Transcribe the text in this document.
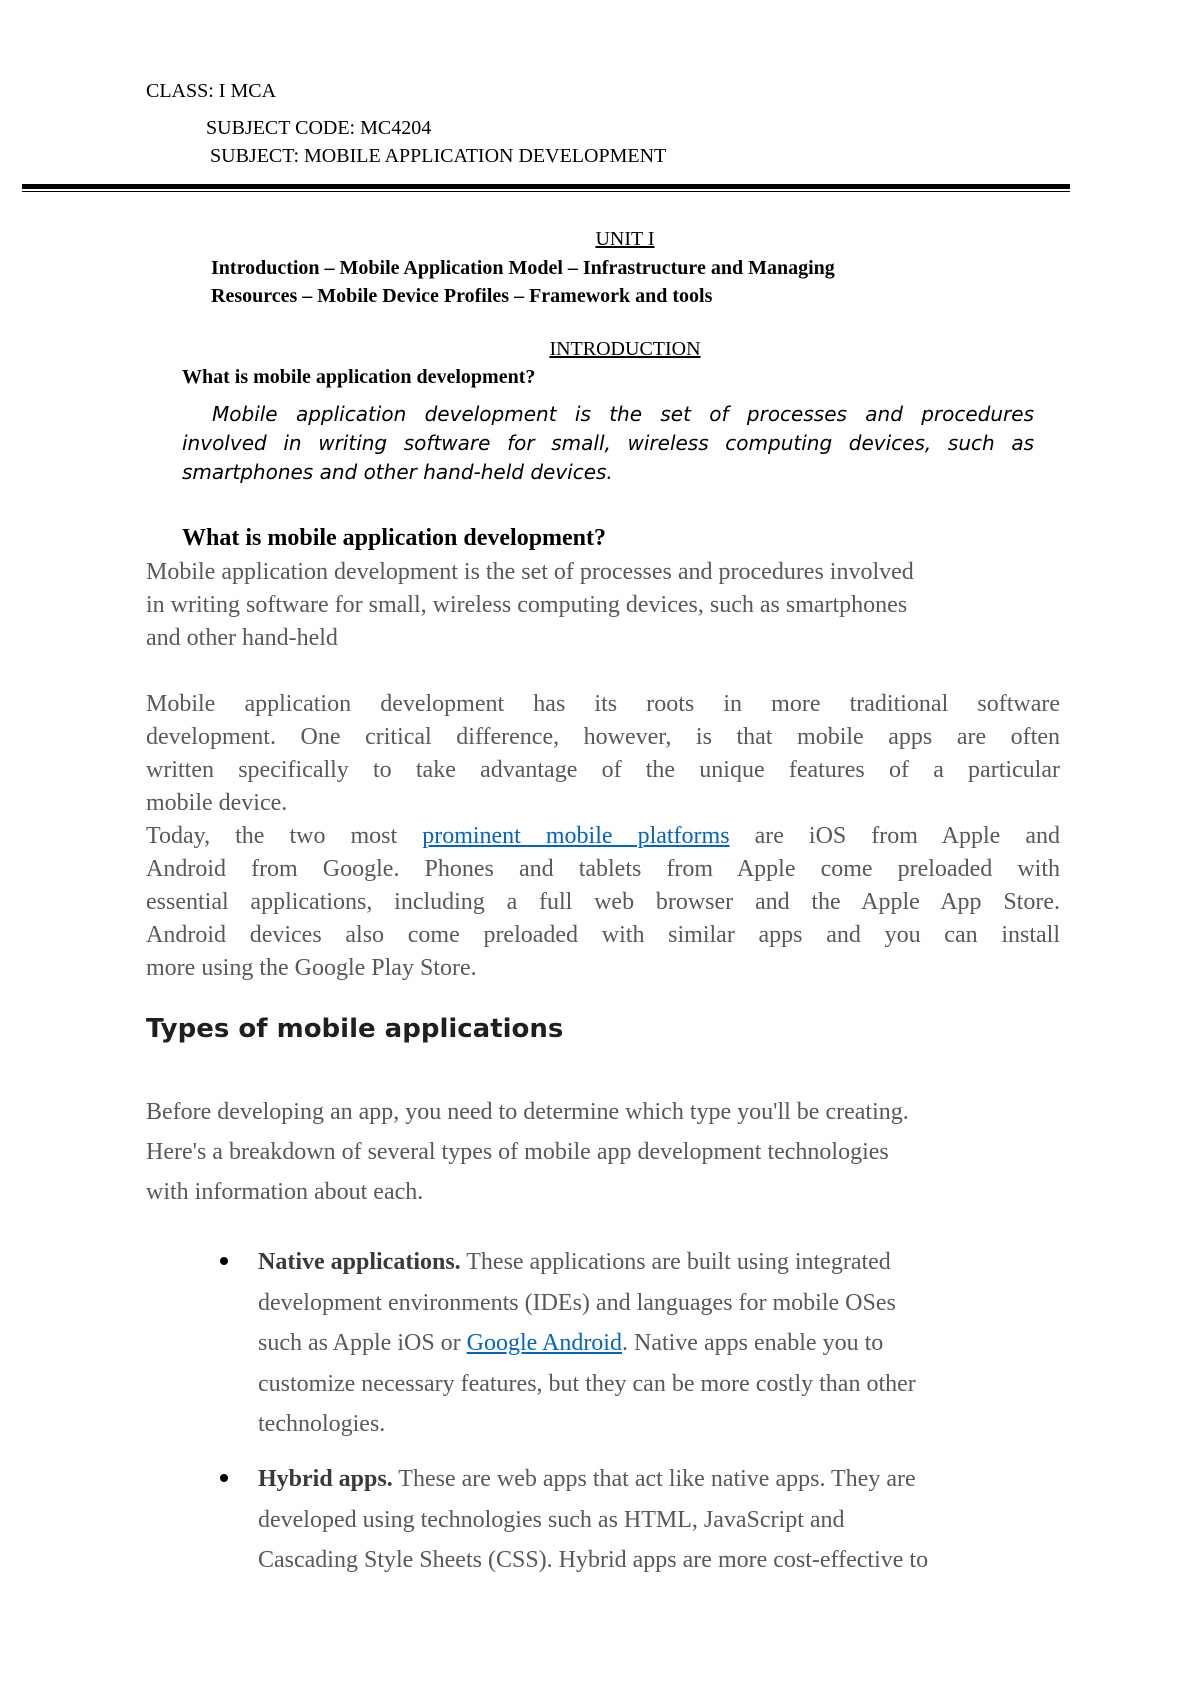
CLASS: I MCA
SUBJECT CODE: MC4204
SUBJECT: MOBILE APPLICATION DEVELOPMENT
UNIT I
Introduction – Mobile Application Model – Infrastructure and Managing
Resources – Mobile Device Profiles – Framework and tools
INTRODUCTION
What is mobile application development?
Mobile application development is the set of processes and procedures
involved in writing software for small, wireless computing devices, such as
smartphones and other hand-held devices.
What is mobile application development?
Mobile application development is the set of processes and procedures involved
in writing software for small, wireless computing devices, such as smartphones
and other hand-held
Mobile application development has its roots in more traditional software
development. One critical difference, however, is that mobile apps are often
written specifically to take advantage of the unique features of a particular
mobile device.
Today, the two most prominent mobile platforms are iOS from Apple and
Android from Google. Phones and tablets from Apple come preloaded with
essential applications, including a full web browser and the Apple App Store.
Android devices also come preloaded with similar apps and you can install
more using the Google Play Store.
Types of mobile applications
Before developing an app, you need to determine which type you'll be creating.
Here's a breakdown of several types of mobile app development technologies
with information about each.
Native applications. These applications are built using integrated
development environments (IDEs) and languages for mobile OSes
such as Apple iOS or Google Android. Native apps enable you to
customize necessary features, but they can be more costly than other
technologies.
Hybrid apps. These are web apps that act like native apps. They are
developed using technologies such as HTML, JavaScript and
Cascading Style Sheets (CSS). Hybrid apps are more cost-effective to
